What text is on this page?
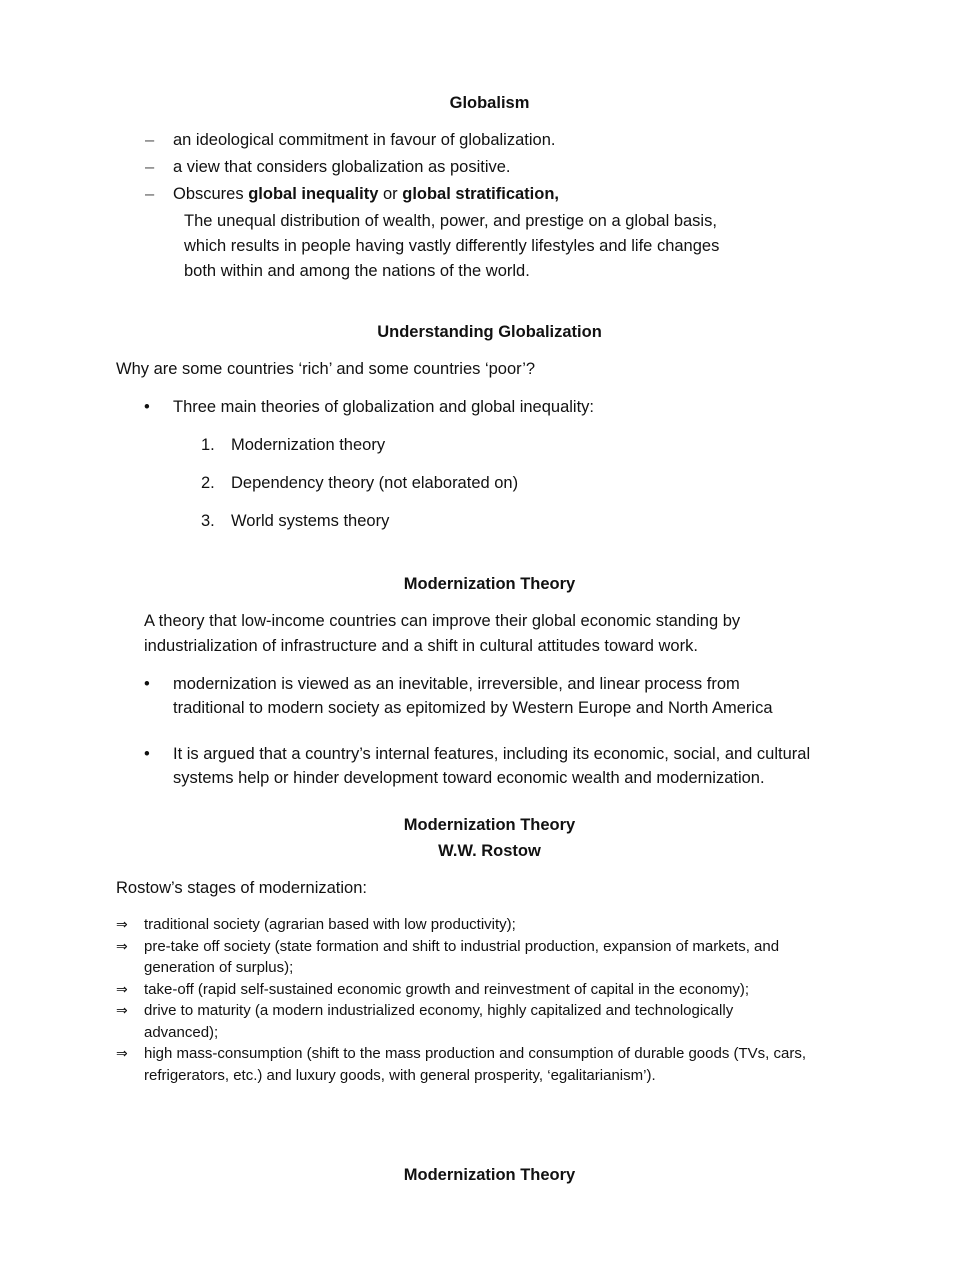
Globalism
– an ideological commitment in favour of globalization.
– a view that considers globalization as positive.
– Obscures global inequality or global stratification,

The unequal distribution of wealth, power, and prestige on a global basis,

which results in people having vastly differently lifestyles and life changes

both within and among the nations of the world.

Understanding Globalization

Why are some countries ‘rich’ and some countries ‘poor’?

• Three main theories of globalization and global inequality:
1. Modernization theory
2. Dependency theory (not elaborated on)
3. World systems theory
Modernization Theory

A theory that low-income countries can improve their global economic standing by

industrialization of infrastructure and a shift in cultural attitudes toward work.

• modernization is viewed as an inevitable, irreversible, and linear process from

traditional to modern society as epitomized by Western Europe and North America

• It is argued that a country’s internal features, including its economic, social, and cultural

systems help or hinder development toward economic wealth and modernization.

Modernization Theory
W.W. Rostow

Rostow’s stages of modernization:

⇒ traditional society (agrarian based with low productivity);
⇒ pre-take off society (state formation and shift to industrial production, expansion of markets, and

generation of surplus);

⇒ take-off (rapid self-sustained economic growth and reinvestment of capital in the economy);
⇒ drive to maturity (a modern industrialized economy, highly capitalized and technologically

advanced);

⇒ high mass-consumption (shift to the mass production and consumption of durable goods (TVs, cars,

refrigerators, etc.) and luxury goods, with general prosperity, ‘egalitarianism’).

Modernization Theory
